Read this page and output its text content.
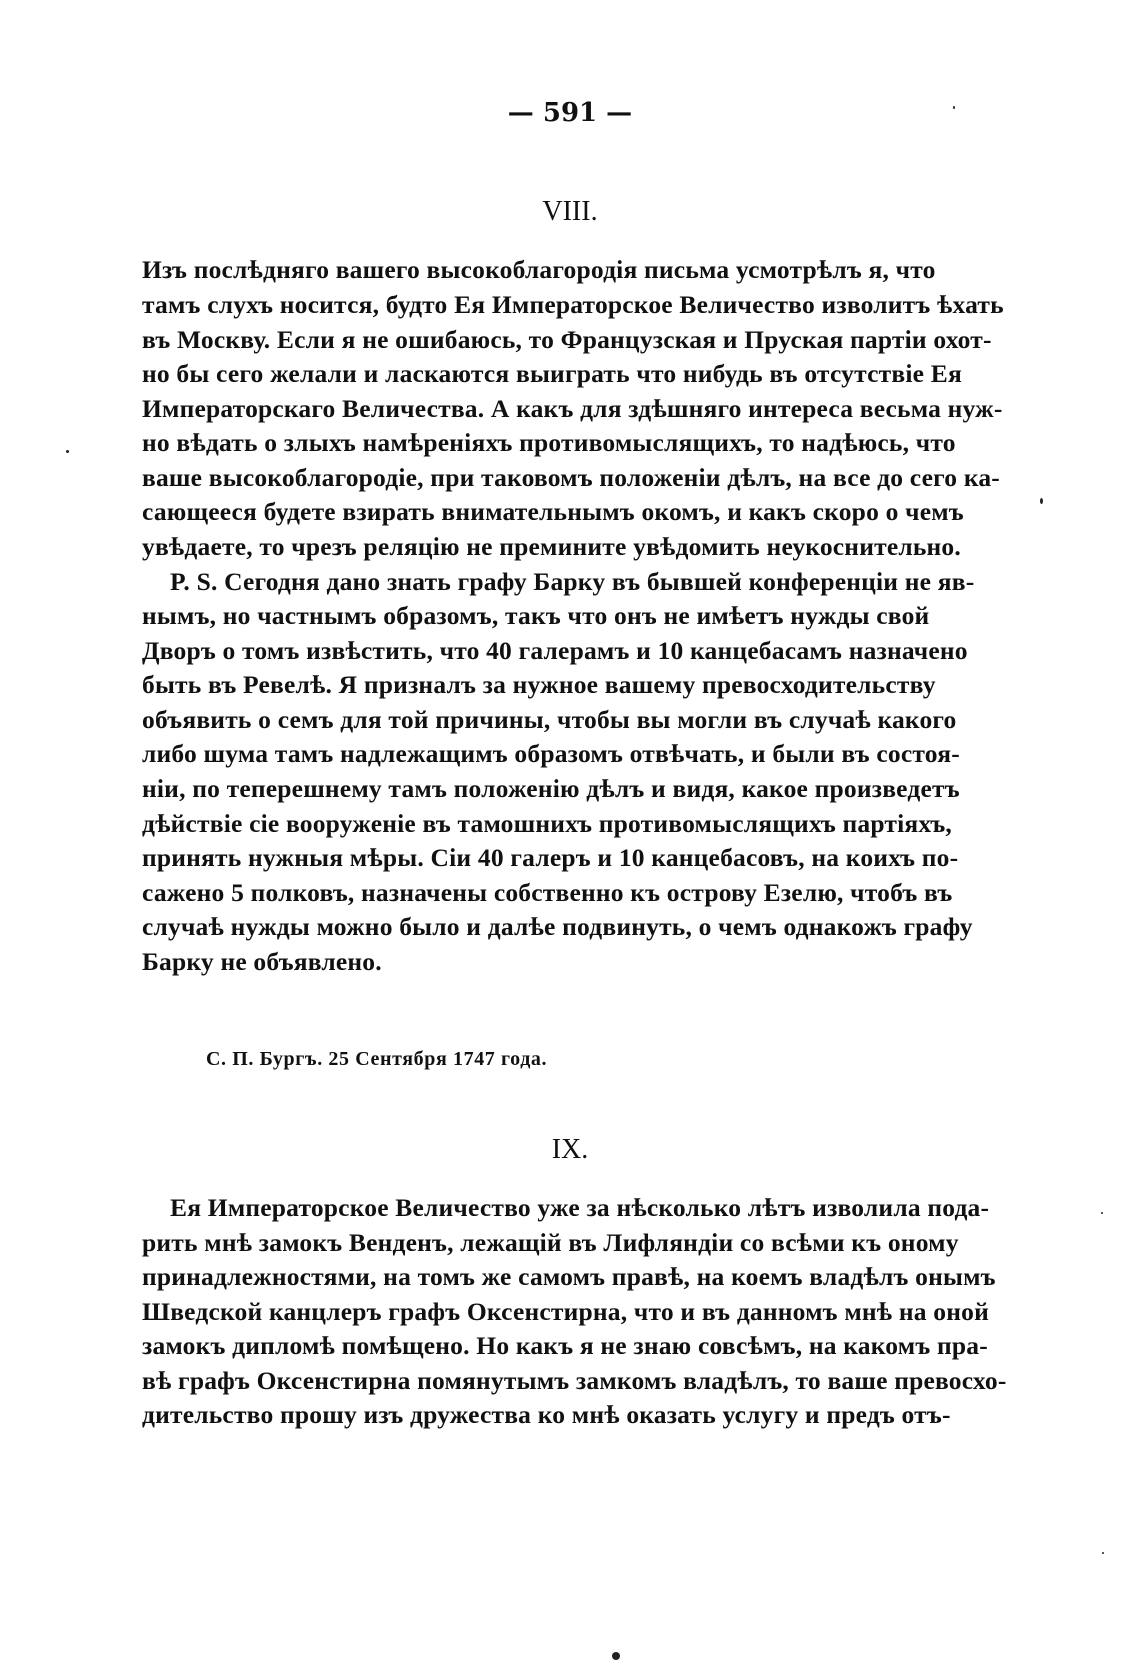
— 591 —
VIII.
Изъ послѣдняго вашего высокоблагородія письма усмотрѣлъ я, что
тамъ слухъ носится, будто Ея Императорское Величество изволитъ ѣхать
въ Москву. Если я не ошибаюсь, то Французская и Пруская партіи охот-
но бы сего желали и ласкаются выиграть что нибудь въ отсутствіе Ея
Императорскаго Величества. А какъ для здѣшняго интереса весьма нуж-
но вѣдать о злыхъ намѣреніяхъ противомыслящихъ, то надѣюсь, что
ваше высокоблагородіе, при таковомъ положеніи дѣлъ, на все до сего ка-
сающееся будете взирать внимательнымъ окомъ, и какъ скоро о чемъ
увѣдаете, то чрезъ реляцію не премините увѣдомить неукоснительно.
P. S. Сегодня дано знать графу Барку въ бывшей конференціи не яв-
нымъ, но частнымъ образомъ, такъ что онъ не имѣетъ нужды свой
Дворъ о томъ извѣстить, что 40 галерамъ и 10 канцебасамъ назначено
быть въ Ревелѣ. Я призналъ за нужное вашему превосходительству
объявить о семъ для той причины, чтобы вы могли въ случаѣ какого
либо шума тамъ надлежащимъ образомъ отвѣчать, и были въ состоя-
ніи, по теперешнему тамъ положенію дѣлъ и видя, какое произведетъ
дѣйствіе сіе вооруженіе въ тамошнихъ противомыслящихъ партіяхъ,
принять нужныя мѣры. Сіи 40 галеръ и 10 канцебасовъ, на коихъ по-
сажено 5 полковъ, назначены собственно къ острову Езелю, чтобъ въ
случаѣ нужды можно было и далѣе подвинуть, о чемъ однакожъ графу
Барку не объявлено.
С. П. Бургъ. 25 Сентября 1747 года.
IX.
Ея Императорское Величество уже за нѣсколько лѣтъ изволила пода-
рить мнѣ замокъ Венденъ, лежащій въ Лифляндіи со всѣми къ оному
принадлежностями, на томъ же самомъ правѣ, на коемъ владѣлъ онымъ
Шведской канцлеръ графъ Оксенстирна, что и въ данномъ мнѣ на оной
замокъ дипломѣ помѣщено. Но какъ я не знаю совсѣмъ, на какомъ пра-
вѣ графъ Оксенстирна помянутымъ замкомъ владѣлъ, то ваше превосхо-
дительство прошу изъ дружества ко мнѣ оказать услугу и предъ отъ-
